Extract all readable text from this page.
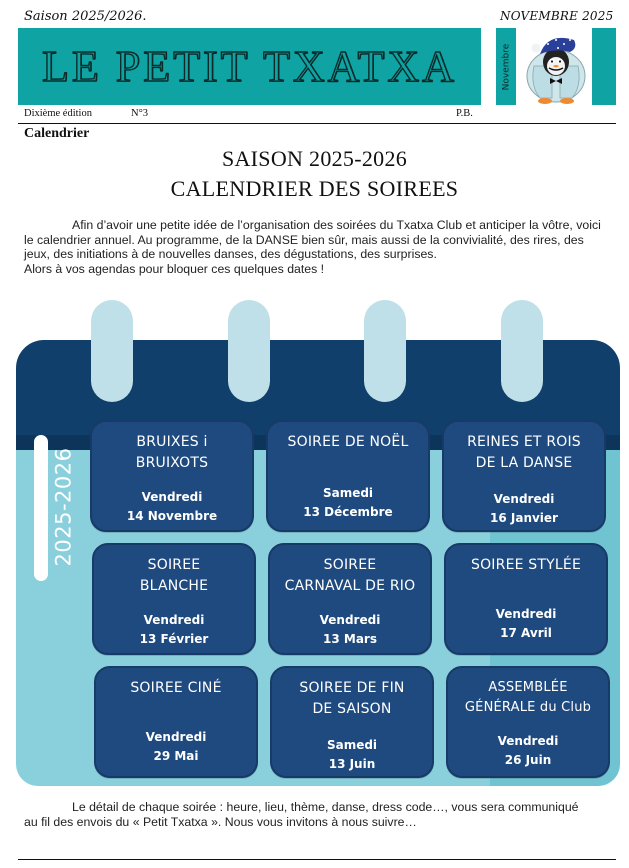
Saison 2025/2026.	NOVEMBRE 2025
LE PETIT TXATXA	Novembre
Dixième édition	N°3	P.B.
Calendrier
SAISON 2025-2026
CALENDRIER DES SOIREES

Afin d’avoir une petite idée de l’organisation des soirées du Txatxa Club et anticiper la vôtre, voici le calendrier annuel. Au programme, de la DANSE bien sûr, mais aussi de la convivialité, des rires, des jeux, des initiations à de nouvelles danses, des dégustations, des surprises.

Alors à vos agendas pour bloquer ces quelques dates !

2025-2026
BRUIXES i
BRUIXOTS
Vendredi
14 Novembre
SOIREE DE NOËL
Samedi
13 Décembre
REINES ET ROIS
DE LA DANSE
Vendredi
16 Janvier
SOIREE
BLANCHE
Vendredi
13 Février
SOIREE
CARNAVAL DE RIO
Vendredi
13 Mars
SOIREE STYLÉE
Vendredi
17 Avril
SOIREE CINÉ
Vendredi
29 Mai
SOIREE DE FIN
DE SAISON
Samedi
13 Juin
ASSEMBLÉE
GÉNÉRALE du Club
Vendredi
26 Juin
Le détail de chaque soirée : heure, lieu, thème, danse, dress code…, vous sera communiqué
au fil des envois du « Petit Txatxa ». Nous vous invitons à nous suivre…
